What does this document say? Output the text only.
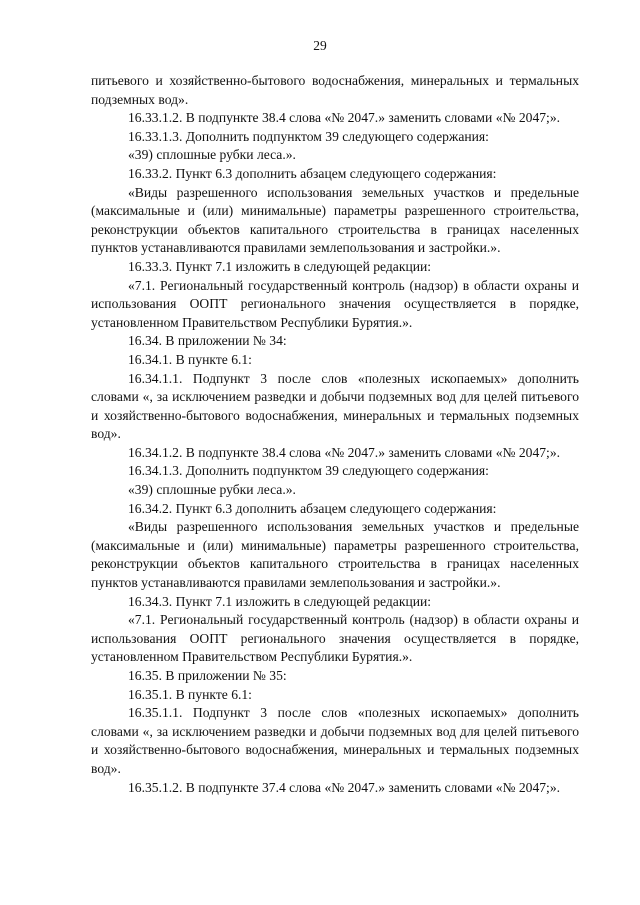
29

питьевого и хозяйственно-бытового водоснабжения, минеральных и термальных подземных вод».

16.33.1.2. В подпункте 38.4 слова «№ 2047.» заменить словами «№ 2047;».

16.33.1.3. Дополнить подпунктом 39 следующего содержания:

«39) сплошные рубки леса.».

16.33.2. Пункт 6.3 дополнить абзацем следующего содержания:

«Виды разрешенного использования земельных участков и предельные (максимальные и (или) минимальные) параметры разрешенного строительства, реконструкции объектов капитального строительства в границах населенных пунктов устанавливаются правилами землепользования и застройки.».

16.33.3. Пункт 7.1 изложить в следующей редакции:

«7.1. Региональный государственный контроль (надзор) в области охраны и использования ООПТ регионального значения осуществляется в порядке, установленном Правительством Республики Бурятия.».

16.34. В приложении № 34:

16.34.1. В пункте 6.1:

16.34.1.1. Подпункт 3 после слов «полезных ископаемых» дополнить словами «, за исключением разведки и добычи подземных вод для целей питьевого и хозяйственно-бытового водоснабжения, минеральных и термальных подземных вод».

16.34.1.2. В подпункте 38.4 слова «№ 2047.» заменить словами «№ 2047;».

16.34.1.3. Дополнить подпунктом 39 следующего содержания:

«39) сплошные рубки леса.».

16.34.2. Пункт 6.3 дополнить абзацем следующего содержания:

«Виды разрешенного использования земельных участков и предельные (максимальные и (или) минимальные) параметры разрешенного строительства, реконструкции объектов капитального строительства в границах населенных пунктов устанавливаются правилами землепользования и застройки.».

16.34.3. Пункт 7.1 изложить в следующей редакции:

«7.1. Региональный государственный контроль (надзор) в области охраны и использования ООПТ регионального значения осуществляется в порядке, установленном Правительством Республики Бурятия.».

16.35. В приложении № 35:

16.35.1. В пункте 6.1:

16.35.1.1. Подпункт 3 после слов «полезных ископаемых» дополнить словами «, за исключением разведки и добычи подземных вод для целей питьевого и хозяйственно-бытового водоснабжения, минеральных и термальных подземных вод».

16.35.1.2. В подпункте 37.4 слова «№ 2047.» заменить словами «№ 2047;».
